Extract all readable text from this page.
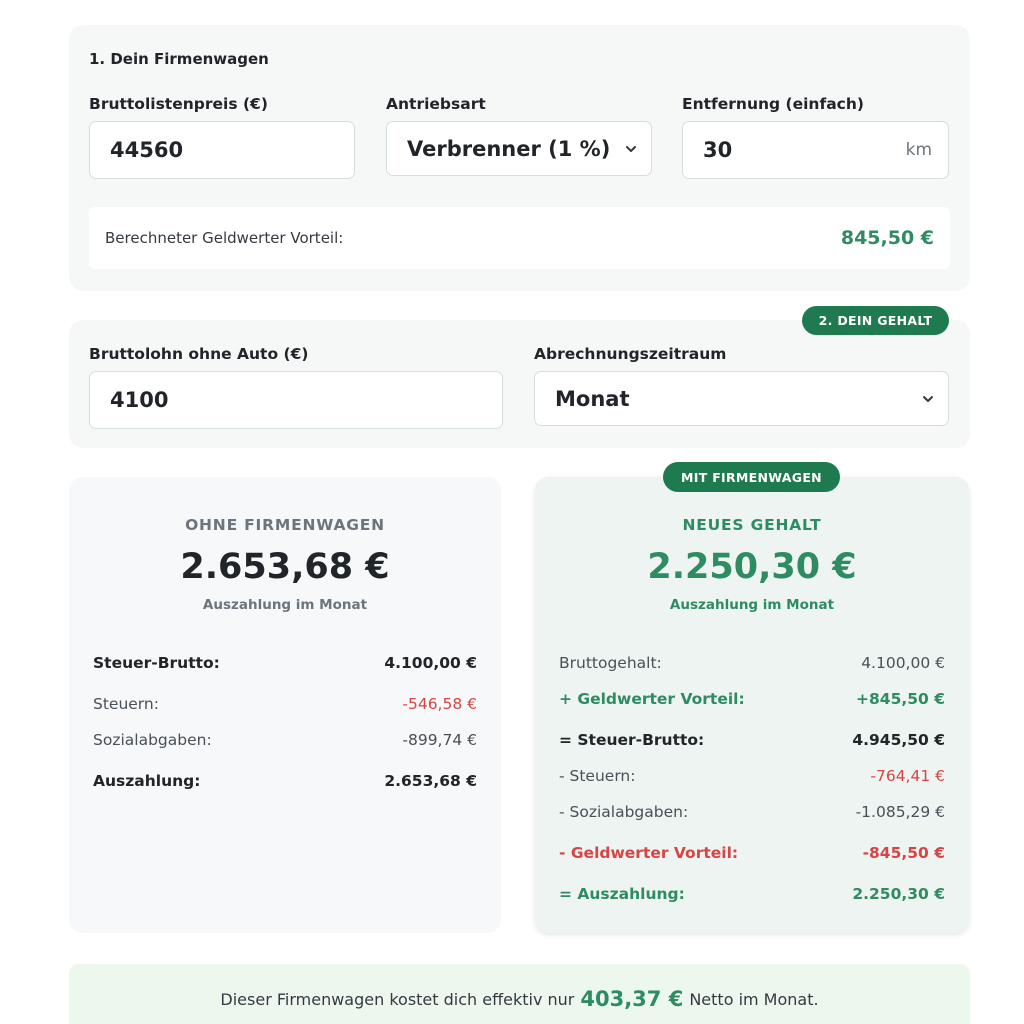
1. Dein Firmenwagen
Bruttolistenpreis (€)
44560
Antriebsart
Verbrenner (1 %)
Entfernung (einfach)
30	km
Berechneter Geldwerter Vorteil:	845,50 €
Bruttolohn ohne Auto (€)
4100
Abrechnungszeitraum
Monat
2. DEIN GEHALT
OHNE FIRMENWAGEN
2.653,68 €
Auszahlung im Monat
Steuer-Brutto:	4.100,00 €
Steuern:	-546,58 €
Sozialabgaben:	-899,74 €
Auszahlung:	2.653,68 €
NEUES GEHALT
2.250,30 €
Auszahlung im Monat
Bruttogehalt:	4.100,00 €
+ Geldwerter Vorteil:	+845,50 €
= Steuer-Brutto:	4.945,50 €
- Steuern:	-764,41 €
- Sozialabgaben:	-1.085,29 €
- Geldwerter Vorteil:	-845,50 €
= Auszahlung:	2.250,30 €
MIT FIRMENWAGEN
Dieser Firmenwagen kostet dich effektiv nur 403,37 € Netto im Monat.
